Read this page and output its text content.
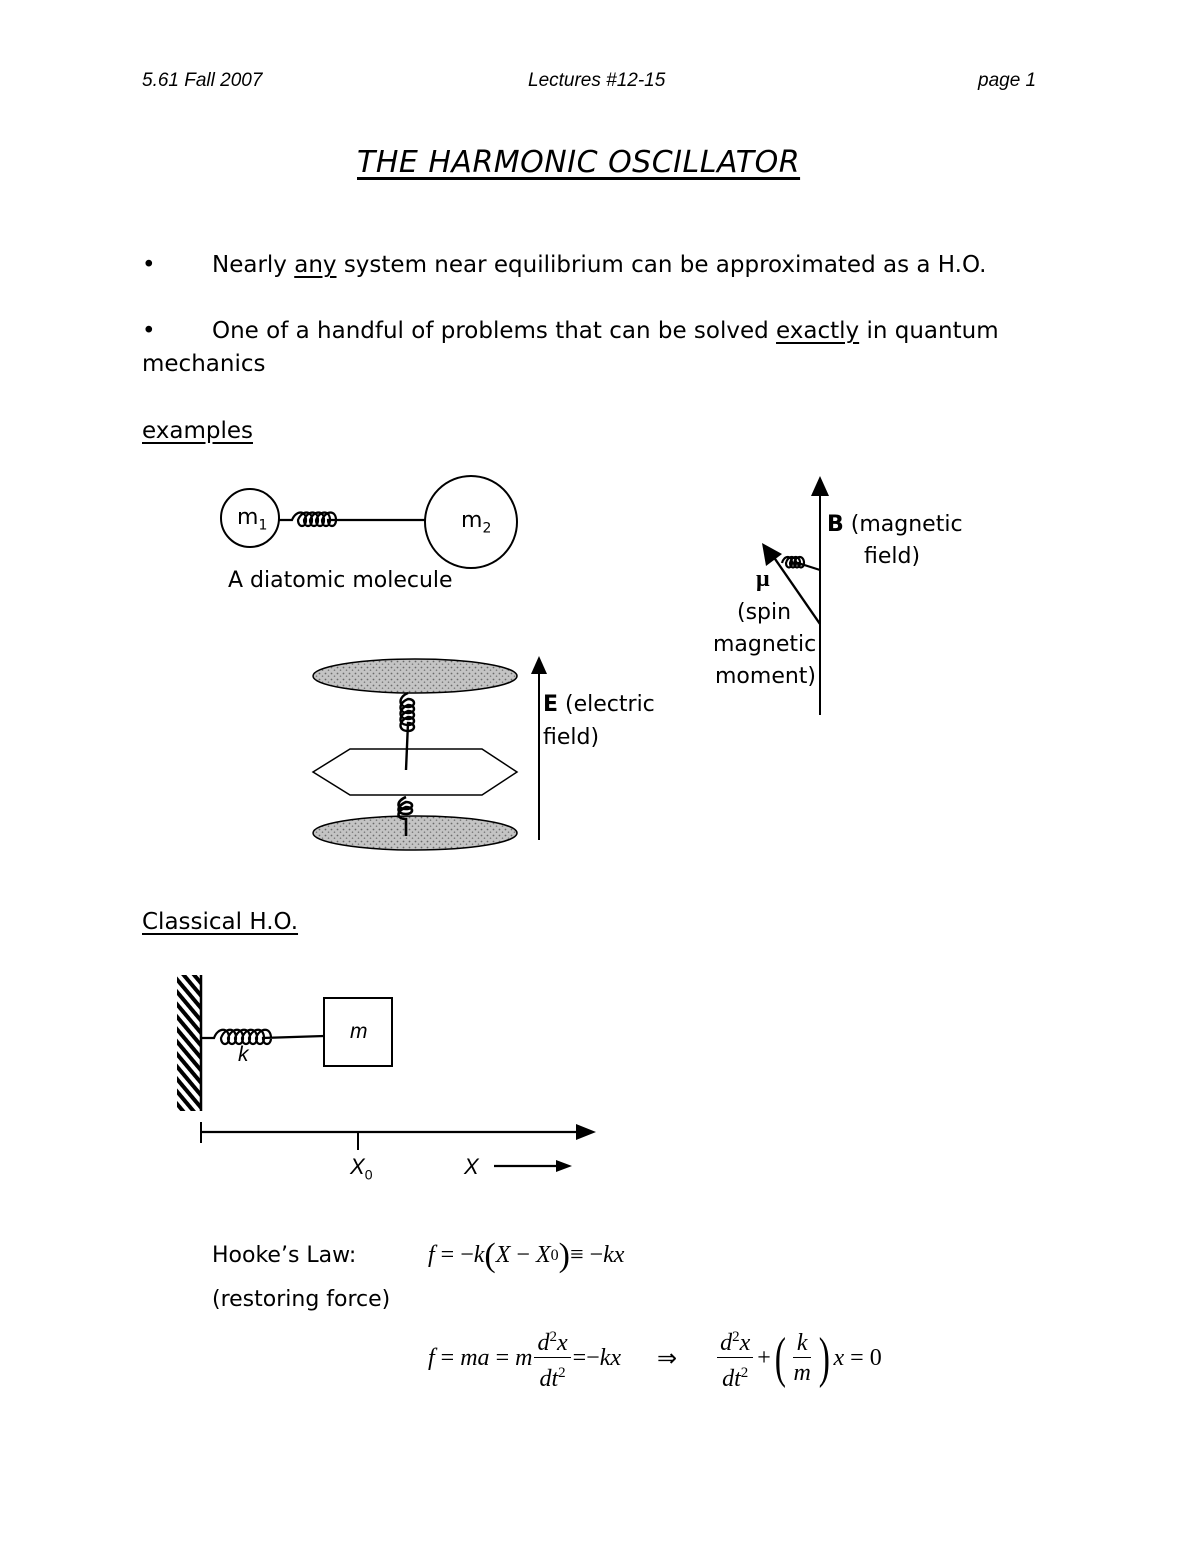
5.61 Fall 2007	Lectures #12-15	page 1
THE HARMONIC OSCILLATOR
• Nearly any system near equilibrium can be approximated as a H.O.
• One of a handful of problems that can be solved exactly in quantum
mechanics
examples
$m_1$	$m_2$
A diatomic molecule
E (electric
field)
B (magnetic
field)
μ
(spin
magnetic
moment)
Classical H.O.
m
k
$X_0$	X
Hooke’s Law:
(restoring force)
f
=
− k ( X
−
X 0 ) ≡
− kx
f
=
ma
=
m $\frac{d^2x}{dt^2}$ = − kx ⇒
$d^2x$
$dt^2$
+ ( k
m ) x
=
0
